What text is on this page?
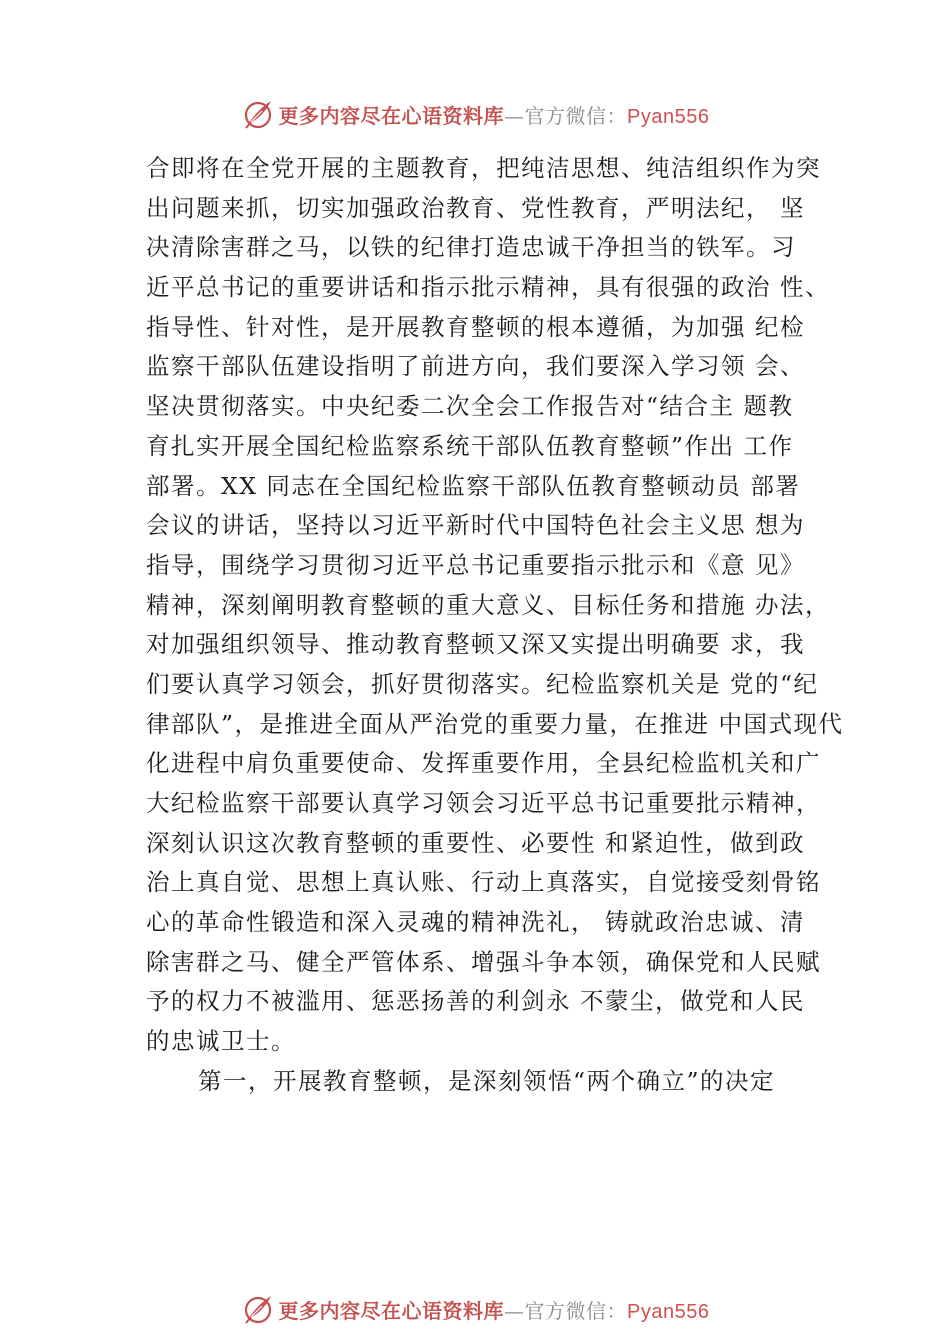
更多内容尽在心语资料库—官方微信：Pyan556
合即将在全党开展的主题教育，把纯洁思想、纯洁组织作为突
出问题来抓，切实加强政治教育、党性教育，严明法纪， 坚
决清除害群之马，以铁的纪律打造忠诚干净担当的铁军。习
近平总书记的重要讲话和指示批示精神，具有很强的政治 性、
指导性、针对性，是开展教育整顿的根本遵循，为加强 纪检
监察干部队伍建设指明了前进方向，我们要深入学习领 会、
坚决贯彻落实。中央纪委二次全会工作报告对“结合主 题教
育扎实开展全国纪检监察系统干部队伍教育整顿”作出 工作
部署。XX 同志在全国纪检监察干部队伍教育整顿动员 部署
会议的讲话，坚持以习近平新时代中国特色社会主义思 想为
指导，围绕学习贯彻习近平总书记重要指示批示和《意 见》
精神，深刻阐明教育整顿的重大意义、目标任务和措施 办法，
对加强组织领导、推动教育整顿又深又实提出明确要 求，我
们要认真学习领会，抓好贯彻落实。纪检监察机关是 党的“纪
律部队”，是推进全面从严治党的重要力量，在推进 中国式现代
化进程中肩负重要使命、发挥重要作用，全县纪检监机关和广
大纪检监察干部要认真学习领会习近平总书记重要批示精神，
深刻认识这次教育整顿的重要性、必要性 和紧迫性，做到政
治上真自觉、思想上真认账、行动上真落实，自觉接受刻骨铭
心的革命性锻造和深入灵魂的精神洗礼， 铸就政治忠诚、清
除害群之马、健全严管体系、增强斗争本领，确保党和人民赋
予的权力不被滥用、惩恶扬善的利剑永 不蒙尘，做党和人民
的忠诚卫士。
第一，开展教育整顿，是深刻领悟“两个确立”的决定
更多内容尽在心语资料库—官方微信：Pyan556
